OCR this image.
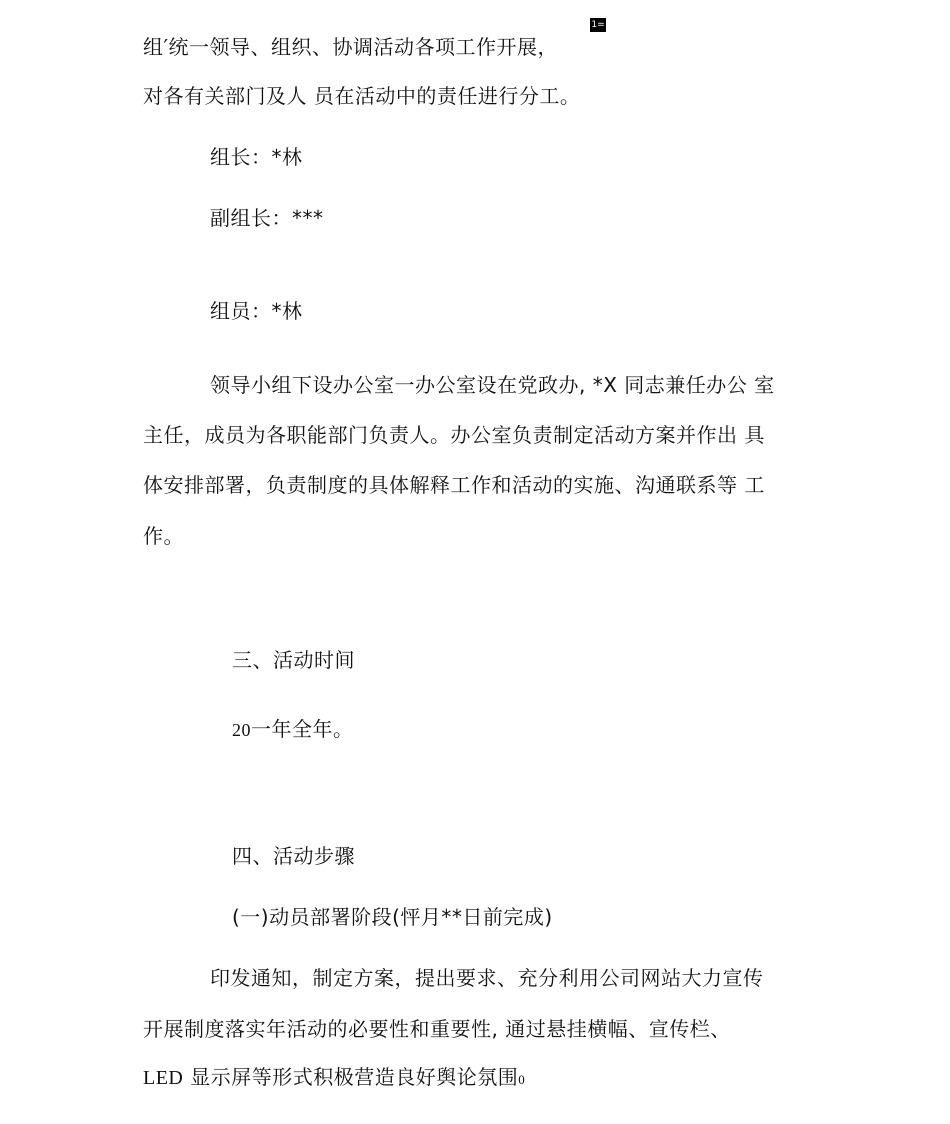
组′统一领导、组织、协调活动各项工作开展，
1=
对各有关部门及人 员在活动中的责任进行分工。
组长：*林
副组长：***
组员：*林
领导小组下设办公室一办公室设在党政办, *X 同志兼任办公 室
主任，成员为各职能部门负责人。办公室负责制定活动方案并作出 具
体安排部署，负责制度的具体解释工作和活动的实施、沟通联系等 工
作。
三、活动时间
20一年全年。
四、活动步骤
(一)动员部署阶段(怦月**日前完成)
印发通知，制定方案，提出要求、充分利用公司网站大力宣传
开展制度落实年活动的必要性和重要性, 通过悬挂横幅、宣传栏、
LED 显示屏等形式积极营造良好舆论氛围0
